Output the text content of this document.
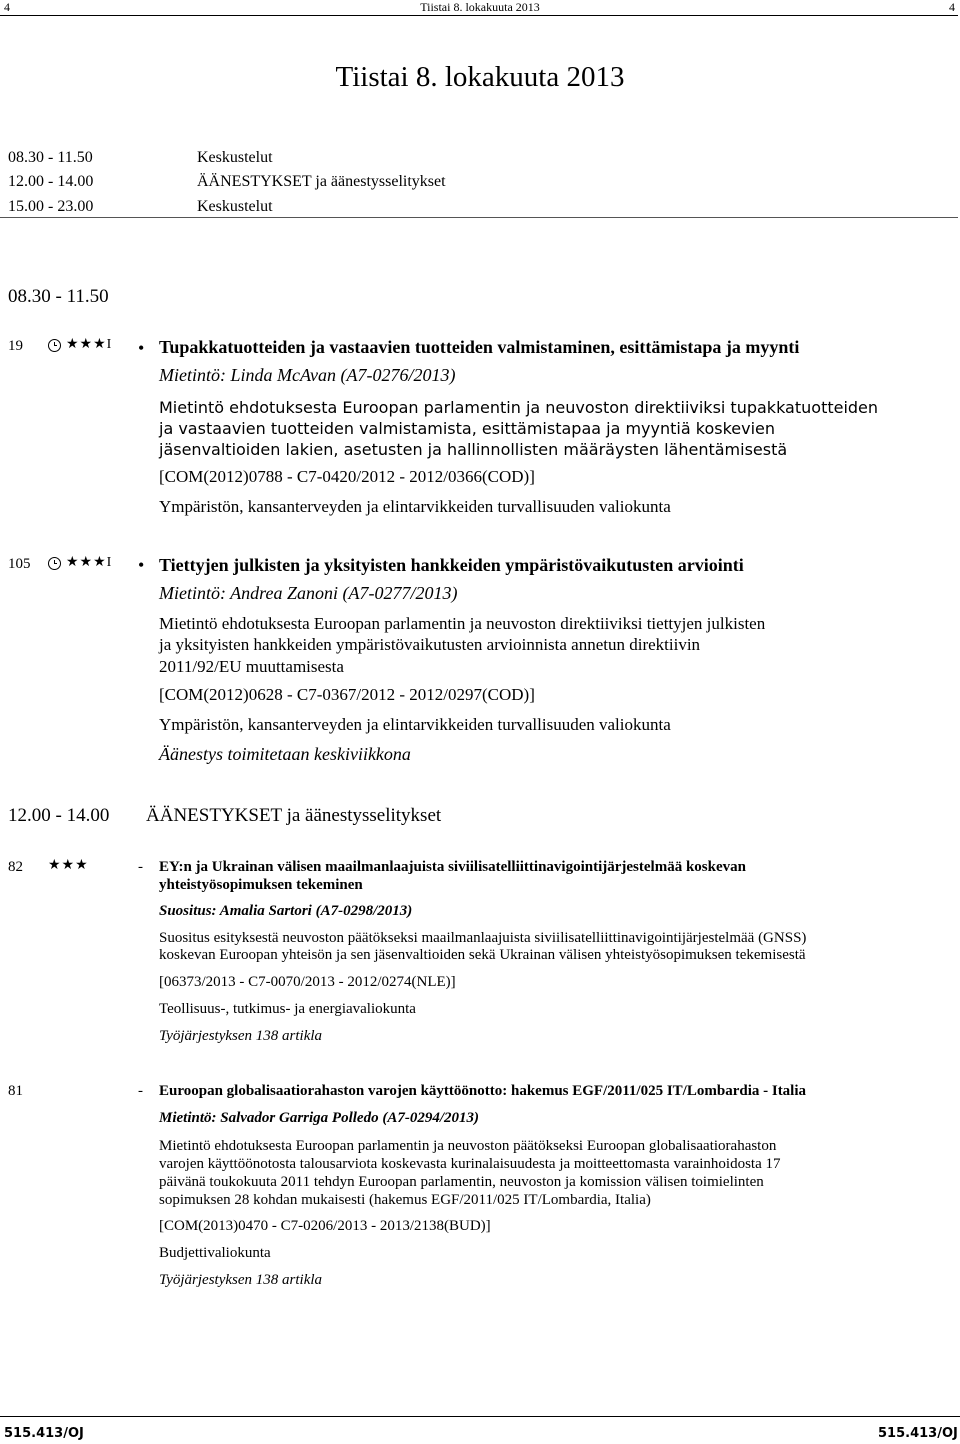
4	Tiistai 8. lokakuuta 2013	4
Tiistai 8. lokakuuta 2013
08.30 - 11.50	Keskustelut
12.00 - 14.00	ÄÄNESTYKSET ja äänestysselitykset
15.00 - 23.00	Keskustelut
08.30 - 11.50
19	★★★I • Tupakkatuotteiden ja vastaavien tuotteiden valmistaminen, esittämistapa ja myynti
Mietintö: Linda McAvan (A7-0276/2013)
Mietintö ehdotuksesta Euroopan parlamentin ja neuvoston direktiiviksi tupakkatuotteiden
ja vastaavien tuotteiden valmistamista, esittämistapaa ja myyntiä koskevien
jäsenvaltioiden lakien, asetusten ja hallinnollisten määräysten lähentämisestä
[COM(2012)0788 - C7-0420/2012 - 2012/0366(COD)]
Ympäristön, kansanterveyden ja elintarvikkeiden turvallisuuden valiokunta
105	★★★I • Tiettyjen julkisten ja yksityisten hankkeiden ympäristövaikutusten arviointi
Mietintö: Andrea Zanoni (A7-0277/2013)
Mietintö ehdotuksesta Euroopan parlamentin ja neuvoston direktiiviksi tiettyjen julkisten
ja yksityisten hankkeiden ympäristövaikutusten arvioinnista annetun direktiivin
2011/92/EU muuttamisesta
[COM(2012)0628 - C7-0367/2012 - 2012/0297(COD)]
Ympäristön, kansanterveyden ja elintarvikkeiden turvallisuuden valiokunta
Äänestys toimitetaan keskiviikkona
12.00 - 14.00 ÄÄNESTYKSET ja äänestysselitykset
82 ★★★	- EY:n ja Ukrainan välisen maailmanlaajuista siviilisatelliittinavigointijärjestelmää koskevan
yhteistyösopimuksen tekeminen
Suositus: Amalia Sartori (A7-0298/2013)
Suositus esityksestä neuvoston päätökseksi maailmanlaajuista siviilisatelliittinavigointijärjestelmää (GNSS)
koskevan Euroopan yhteisön ja sen jäsenvaltioiden sekä Ukrainan välisen yhteistyösopimuksen tekemisestä
[06373/2013 - C7-0070/2013 - 2012/0274(NLE)]
Teollisuus-, tutkimus- ja energiavaliokunta
Työjärjestyksen 138 artikla
81	- Euroopan globalisaatiorahaston varojen käyttöönotto: hakemus EGF/2011/025 IT/Lombardia - Italia
Mietintö: Salvador Garriga Polledo (A7-0294/2013)
Mietintö ehdotuksesta Euroopan parlamentin ja neuvoston päätökseksi Euroopan globalisaatiorahaston
varojen käyttöönotosta talousarviota koskevasta kurinalaisuudesta ja moitteettomasta varainhoidosta 17
päivänä toukokuuta 2011 tehdyn Euroopan parlamentin, neuvoston ja komission välisen toimielinten
sopimuksen 28 kohdan mukaisesti (hakemus EGF/2011/025 IT/Lombardia, Italia)
[COM(2013)0470 - C7-0206/2013 - 2013/2138(BUD)]
Budjettivaliokunta
Työjärjestyksen 138 artikla
515.413/OJ	515.413/OJ
